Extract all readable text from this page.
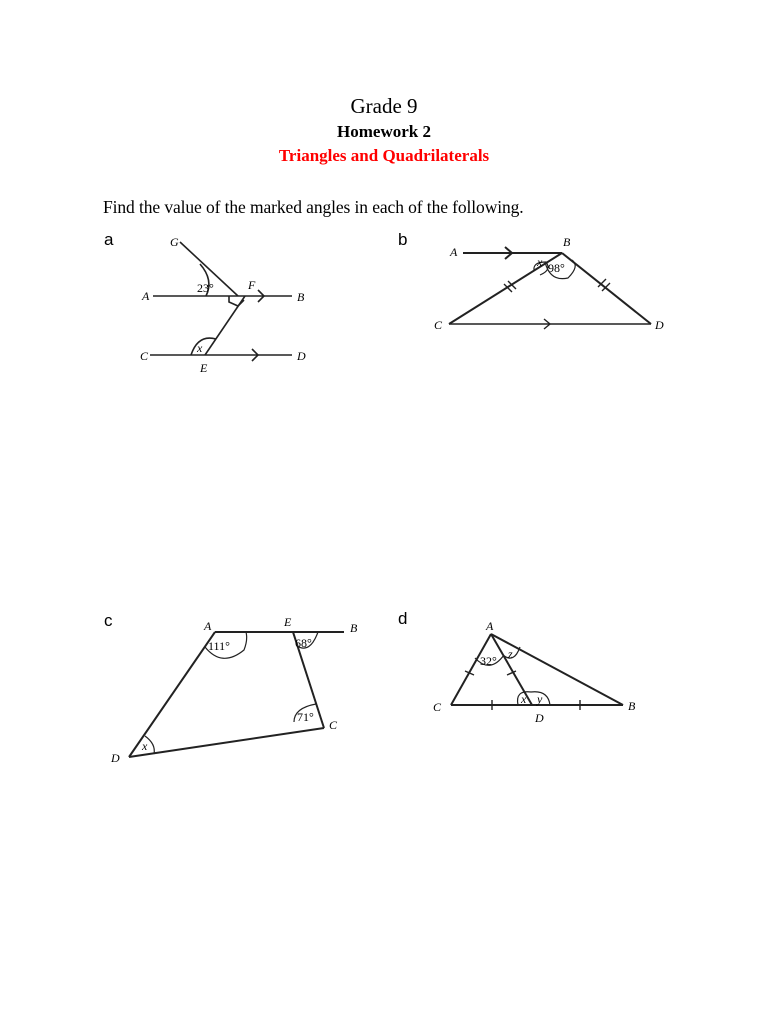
Grade 9
Homework 2
Triangles and Quadrilaterals
Find the value of the marked angles in each of the following.
a	b
c	d
G
A
F
B
C
E
D
23°
x
A
B
C	D
x 98°
A	E	B
C
D
111°	68°
71°
x
A
B
C
D
32° z
x y
